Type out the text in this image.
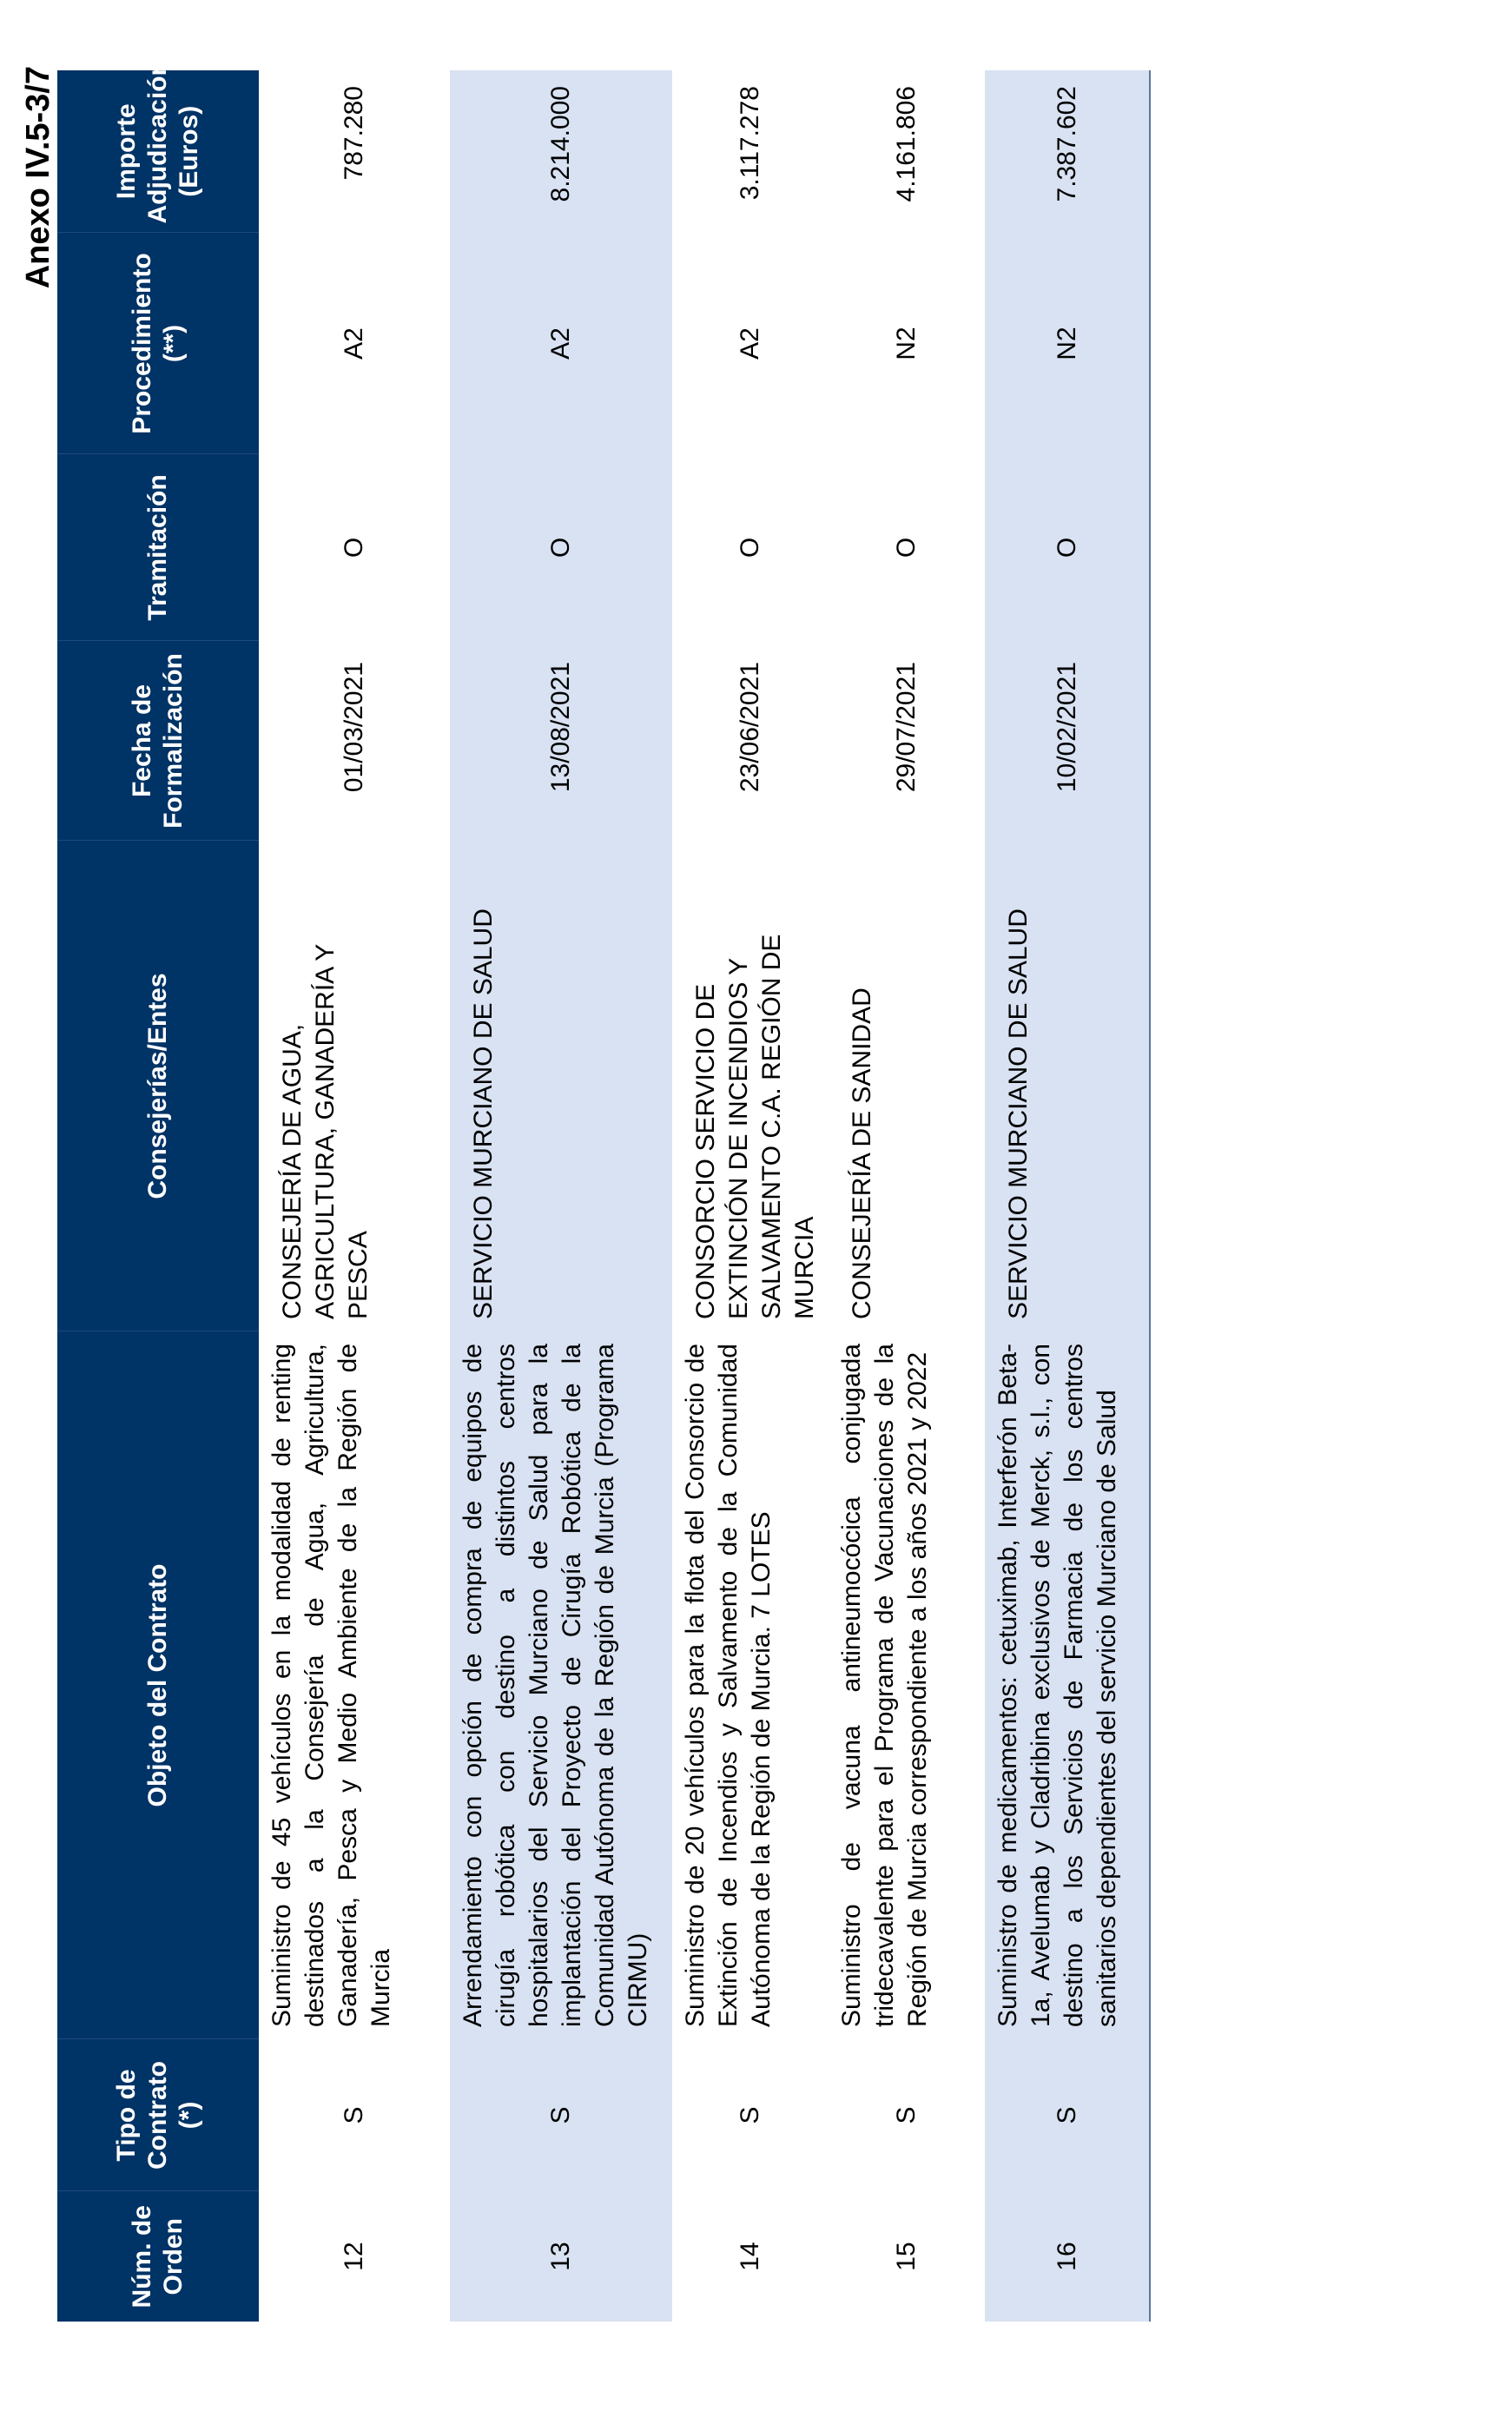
Anexo IV.5-3/7
Núm. de Orden	Tipo de Contrato (*)	Objeto del Contrato	Consejerías/Entes	Fecha de Formalización	Tramitación	Procedimiento (**)	Importe Adjudicación (Euros)
12	S	Suministro de 45 vehículos en la modalidad de renting destinados a la Consejería de Agua, Agricultura, Ganadería, Pesca y Medio Ambiente de la Región de Murcia	CONSEJERÍA DE AGUA, AGRICULTURA, GANADERÍA Y PESCA	01/03/2021	O	A2	787.280
13	S	Arrendamiento con opción de compra de equipos de cirugía robótica con destino a distintos centros hospitalarios del Servicio Murciano de Salud para la implantación del Proyecto de Cirugía Robótica de la Comunidad Autónoma de la Región de Murcia (Programa CIRMU)	SERVICIO MURCIANO DE SALUD	13/08/2021	O	A2	8.214.000
14	S	Suministro de 20 vehículos para la flota del Consorcio de Extinción de Incendios y Salvamento de la Comunidad Autónoma de la Región de Murcia. 7 LOTES	CONSORCIO SERVICIO DE EXTINCIÓN DE INCENDIOS Y SALVAMENTO C.A. REGIÓN DE MURCIA	23/06/2021	O	A2	3.117.278
15	S	Suministro de vacuna antineumocócica conjugada tridecavalente para el Programa de Vacunaciones de la Región de Murcia correspondiente a los años 2021 y 2022	CONSEJERÍA DE SANIDAD	29/07/2021	O	N2	4.161.806
16	S	Suministro de medicamentos: cetuximab, Interferón Beta-1a, Avelumab y Cladribina exclusivos de Merck, s.l., con destino a los Servicios de Farmacia de los centros sanitarios dependientes del servicio Murciano de Salud	SERVICIO MURCIANO DE SALUD	10/02/2021	O	N2	7.387.602
